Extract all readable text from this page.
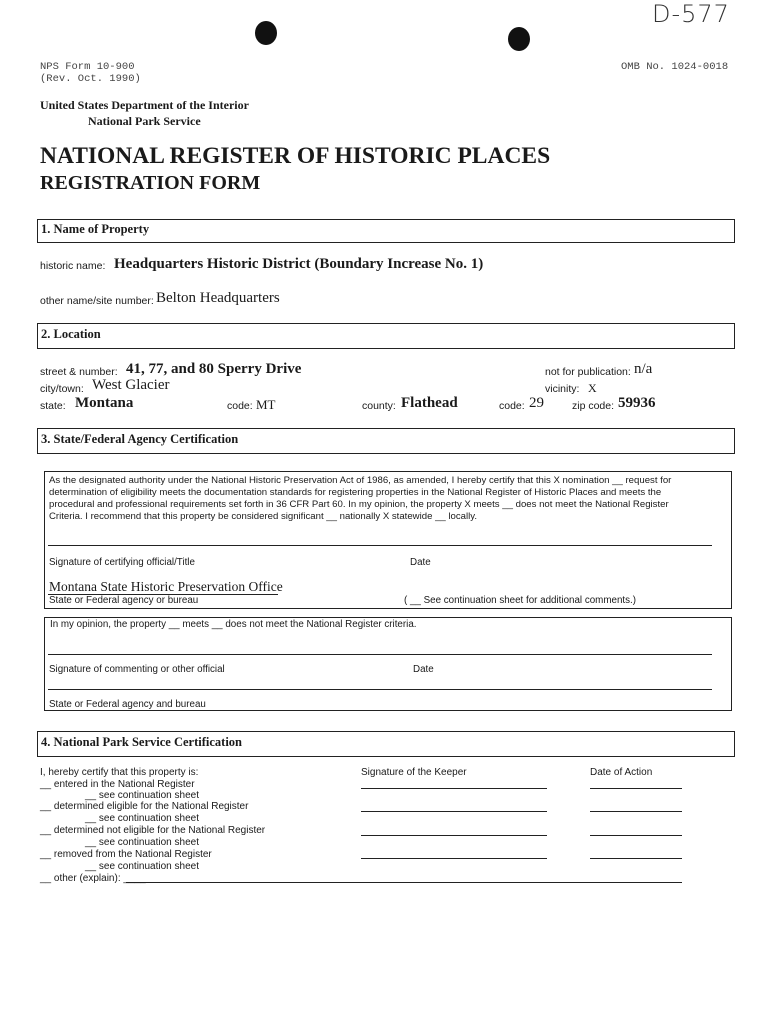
D-577
NPS Form 10-900
(Rev. Oct. 1990)
OMB No. 1024-0018
United States Department of the Interior
National Park Service
NATIONAL REGISTER OF HISTORIC PLACES
REGISTRATION FORM
1. Name of Property
historic name: Headquarters Historic District (Boundary Increase No. 1)
other name/site number: Belton Headquarters
2. Location
street & number: 41, 77, and 80 Sperry Drive	not for publication: n/a
city/town: West Glacier	vicinity: X
state: Montana	code: MT	county: Flathead	code: 29	zip code: 59936
3. State/Federal Agency Certification
As the designated authority under the National Historic Preservation Act of 1986, as amended, I hereby certify that this X nomination __ request for
determination of eligibility meets the documentation standards for registering properties in the National Register of Historic Places and meets the
procedural and professional requirements set forth in 36 CFR Part 60. In my opinion, the property X meets __ does not meet the National Register
Criteria. I recommend that this property be considered significant __ nationally X statewide __ locally.
Signature of certifying official/Title	Date
Montana State Historic Preservation Office
State or Federal agency or bureau	( __ See continuation sheet for additional comments.)
In my opinion, the property __ meets __ does not meet the National Register criteria.
Signature of commenting or other official	Date
State or Federal agency and bureau
4. National Park Service Certification
I, hereby certify that this property is:	Signature of the Keeper	Date of Action
__ entered in the National Register
__ see continuation sheet
__ determined eligible for the National Register
__ see continuation sheet
__ determined not eligible for the National Register
__ see continuation sheet
__ removed from the National Register
__ see continuation sheet
__ other (explain): ____
